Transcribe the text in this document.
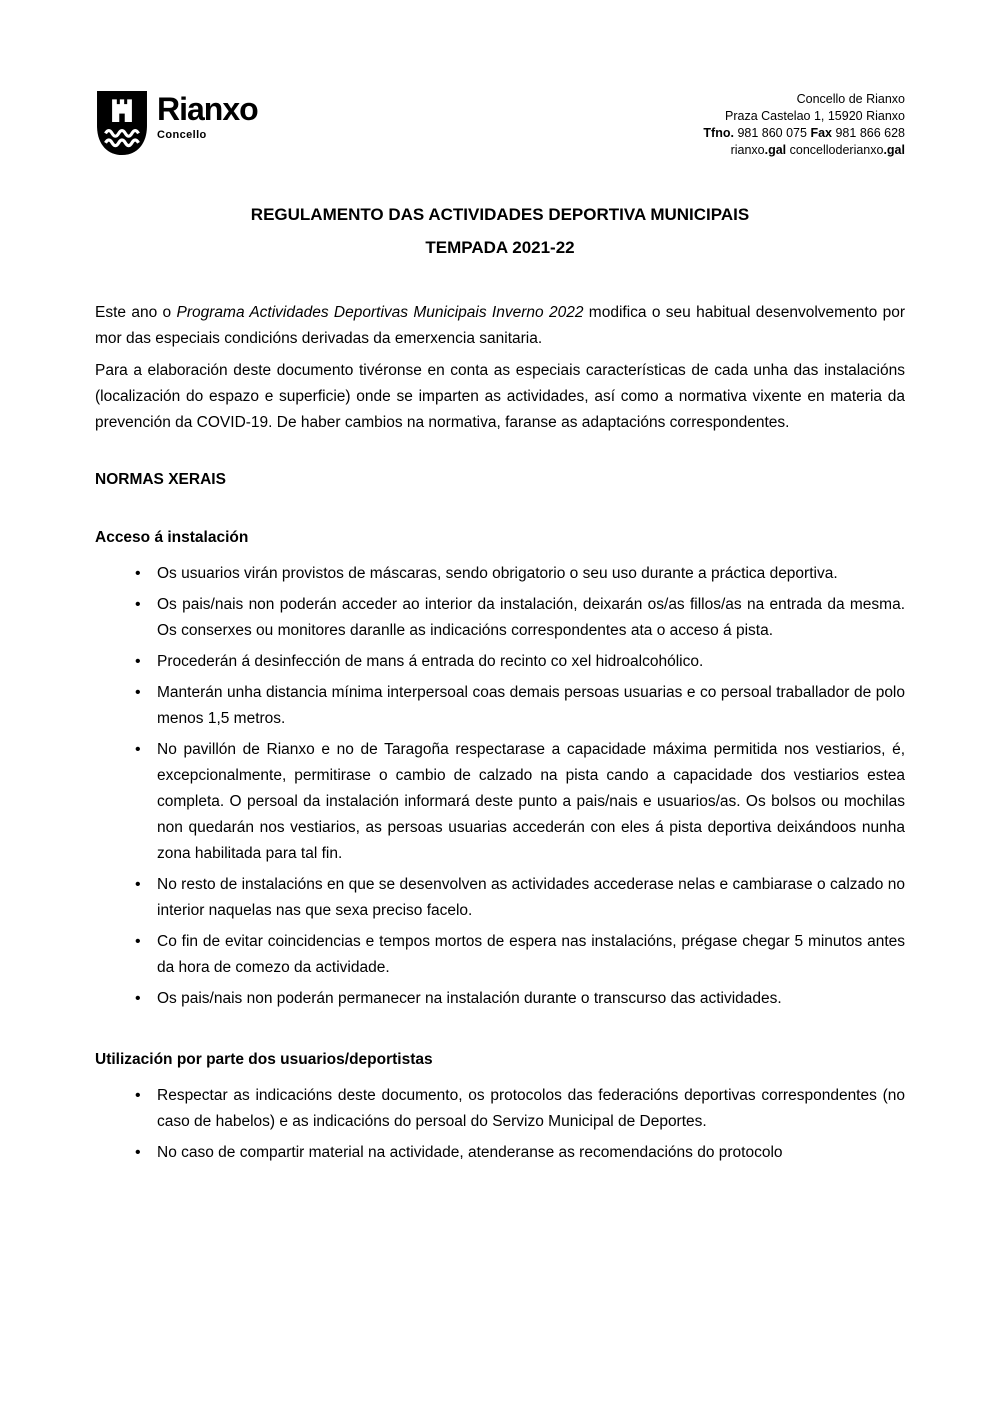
Rianxo
Concello
Concello de Rianxo
Praza Castelao 1, 15920 Rianxo
Tfno. 981 860 075 Fax 981 866 628
rianxo.gal concelloderianxo.gal
REGULAMENTO DAS ACTIVIDADES DEPORTIVA MUNICIPAIS
TEMPADA 2021-22

Este ano o Programa Actividades Deportivas Municipais Inverno 2022 modifica o seu habitual desenvolvemento por mor das especiais condicións derivadas da emerxencia sanitaria.

Para a elaboración deste documento tivéronse en conta as especiais características de cada unha das instalacións (localización do espazo e superficie) onde se imparten as actividades, así como a normativa vixente en materia da prevención da COVID-19. De haber cambios na normativa, faranse as adaptacións correspondentes.

NORMAS XERAIS
Acceso á instalación
• Os usuarios virán provistos de máscaras, sendo obrigatorio o seu uso durante a práctica deportiva.
• Os pais/nais non poderán acceder ao interior da instalación, deixarán os/as fillos/as na entrada da mesma. Os conserxes ou monitores daranlle as indicacións correspondentes ata o acceso á pista.
• Procederán á desinfección de mans á entrada do recinto co xel hidroalcohólico.
• Manterán unha distancia mínima interpersoal coas demais persoas usuarias e co persoal traballador de polo menos 1,5 metros.
• No pavillón de Rianxo e no de Taragoña respectarase a capacidade máxima permitida nos vestiarios, é, excepcionalmente, permitirase o cambio de calzado na pista cando a capacidade dos vestiarios estea completa. O persoal da instalación informará deste punto a pais/nais e usuarios/as. Os bolsos ou mochilas non quedarán nos vestiarios, as persoas usuarias accederán con eles á pista deportiva deixándoos nunha zona habilitada para tal fin.
• No resto de instalacións en que se desenvolven as actividades accederase nelas e cambiarase o calzado no interior naquelas nas que sexa preciso facelo.
• Co fin de evitar coincidencias e tempos mortos de espera nas instalacións, prégase chegar 5 minutos antes da hora de comezo da actividade.
• Os pais/nais non poderán permanecer na instalación durante o transcurso das actividades.
Utilización por parte dos usuarios/deportistas
• Respectar as indicacións deste documento, os protocolos das federacións deportivas correspondentes (no caso de habelos) e as indicacións do persoal do Servizo Municipal de Deportes.
• No caso de compartir material na actividade, atenderanse as recomendacións do protocolo
